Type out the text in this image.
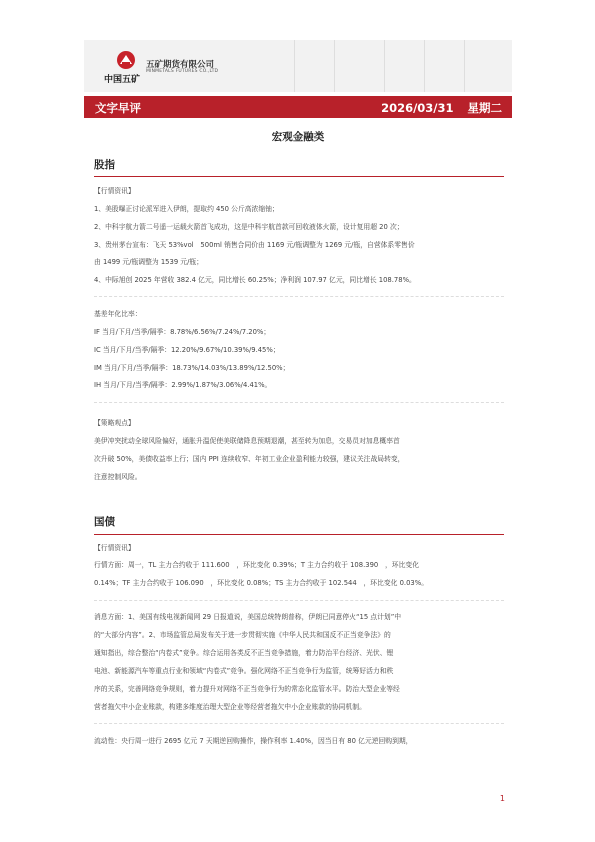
中国五矿
五矿期货有限公司
MINMETALS FUTURES CO.,LTD
文字早评	2026/03/31 星期二
宏观金融类
股指
【行情资讯】
1、美股曝正讨论派军进入伊朗，提取约 450 公斤高浓缩铀；
2、中科宇航力箭二号遥一运载火箭首飞成功，这是中科宇航首款可回收液体火箭，设计复用超 20 次；
3、贵州茅台宣布：飞天 53%vol　500ml 销售合同价由 1169 元/瓶调整为 1269 元/瓶，自营体系零售价
由 1499 元/瓶调整为 1539 元/瓶；
4、中际旭创 2025 年营收 382.4 亿元，同比增长 60.25%；净利润 107.97 亿元，同比增长 108.78%。
基差年化比率：
IF 当月/下月/当季/隔季：8.78%/6.56%/7.24%/7.20%；
IC 当月/下月/当季/隔季：12.20%/9.67%/10.39%/9.45%；
IM 当月/下月/当季/隔季：18.73%/14.03%/13.89%/12.50%；
IH 当月/下月/当季/隔季：2.99%/1.87%/3.06%/4.41%。
【策略观点】
美伊冲突扰动全球风险偏好，通胀升温促使美联储降息预期退潮，甚至转为加息，交易员对加息概率首
次升破 50%，美债收益率上行；国内 PPI 连续收窄、年初工业企业盈利能力较强，建议关注战局转变，
注意控制风险。
国债
【行情资讯】
行情方面：周一，TL 主力合约收于 111.600　，环比变化 0.39%；T 主力合约收于 108.390　，环比变化
0.14%；TF 主力合约收于 106.090　，环比变化 0.08%；TS 主力合约收于 102.544　，环比变化 0.03%。
消息方面：1、美国有线电视新闻网 29 日报道说，美国总统特朗普称，伊朗已同意停火“15 点计划”中
的“大部分内容”。2、市场监管总局发布关于进一步贯彻实施《中华人民共和国反不正当竞争法》的
通知指出，综合整治“内卷式”竞争。综合运用各类反不正当竞争措施，着力防治平台经济、光伏、锂
电池、新能源汽车等重点行业和领域“内卷式”竞争。强化网络不正当竞争行为监管，统筹好活力和秩
序的关系，完善网络竞争规则，着力提升对网络不正当竞争行为的常态化监管水平。防治大型企业等经
营者拖欠中小企业账款，构建多维度治理大型企业等经营者拖欠中小企业账款的协同机制。
流动性：央行周一进行 2695 亿元 7 天期逆回购操作，操作利率 1.40%，因当日有 80 亿元逆回购到期，
1
